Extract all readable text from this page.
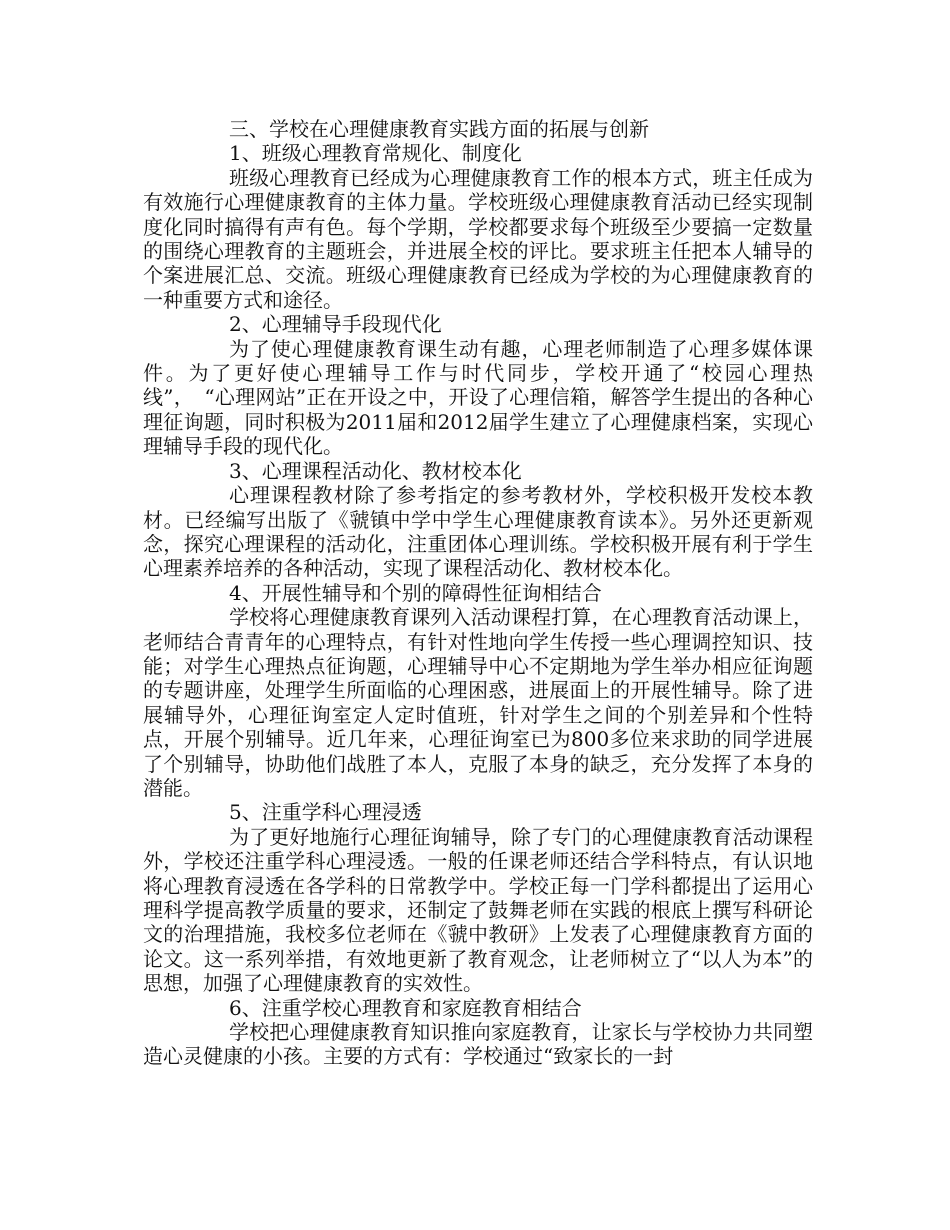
三、学校在心理健康教育实践方面的拓展与创新

1、班级心理教育常规化、制度化

班级心理教育已经成为心理健康教育工作的根本方式，班主任成为有效施行心理健康教育的主体力量。学校班级心理健康教育活动已经实现制度化同时搞得有声有色。每个学期，学校都要求每个班级至少要搞一定数量的围绕心理教育的主题班会，并进展全校的评比。要求班主任把本人辅导的个案进展汇总、交流。班级心理健康教育已经成为学校的为心理健康教育的一种重要方式和途径。

2、心理辅导手段现代化

为了使心理健康教育课生动有趣，心理老师制造了心理多媒体课件。为了更好使心理辅导工作与时代同步，学校开通了“校园心理热线”，　“心理网站”正在开设之中，开设了心理信箱，解答学生提出的各种心理征询题，同时积极为2011届和2012届学生建立了心理健康档案，实现心理辅导手段的现代化。

3、心理课程活动化、教材校本化

心理课程教材除了参考指定的参考教材外，学校积极开发校本教材。已经编写出版了《虢镇中学中学生心理健康教育读本》。另外还更新观念，探究心理课程的活动化，注重团体心理训练。学校积极开展有利于学生心理素养培养的各种活动，实现了课程活动化、教材校本化。

4、开展性辅导和个别的障碍性征询相结合

学校将心理健康教育课列入活动课程打算，在心理教育活动课上，老师结合青青年的心理特点，有针对性地向学生传授一些心理调控知识、技能；对学生心理热点征询题，心理辅导中心不定期地为学生举办相应征询题的专题讲座，处理学生所面临的心理困惑，进展面上的开展性辅导。除了进展辅导外，心理征询室定人定时值班，针对学生之间的个别差异和个性特点，开展个别辅导。近几年来，心理征询室已为800多位来求助的同学进展了个别辅导，协助他们战胜了本人，克服了本身的缺乏，充分发挥了本身的潜能。

5、注重学科心理浸透

为了更好地施行心理征询辅导，除了专门的心理健康教育活动课程外，学校还注重学科心理浸透。一般的任课老师还结合学科特点，有认识地将心理教育浸透在各学科的日常教学中。学校正每一门学科都提出了运用心理科学提高教学质量的要求，还制定了鼓舞老师在实践的根底上撰写科研论文的治理措施，我校多位老师在《虢中教研》上发表了心理健康教育方面的论文。这一系列举措，有效地更新了教育观念，让老师树立了“以人为本”的思想，加强了心理健康教育的实效性。

6、注重学校心理教育和家庭教育相结合

学校把心理健康教育知识推向家庭教育，让家长与学校协力共同塑造心灵健康的小孩。主要的方式有：学校通过“致家长的一封
